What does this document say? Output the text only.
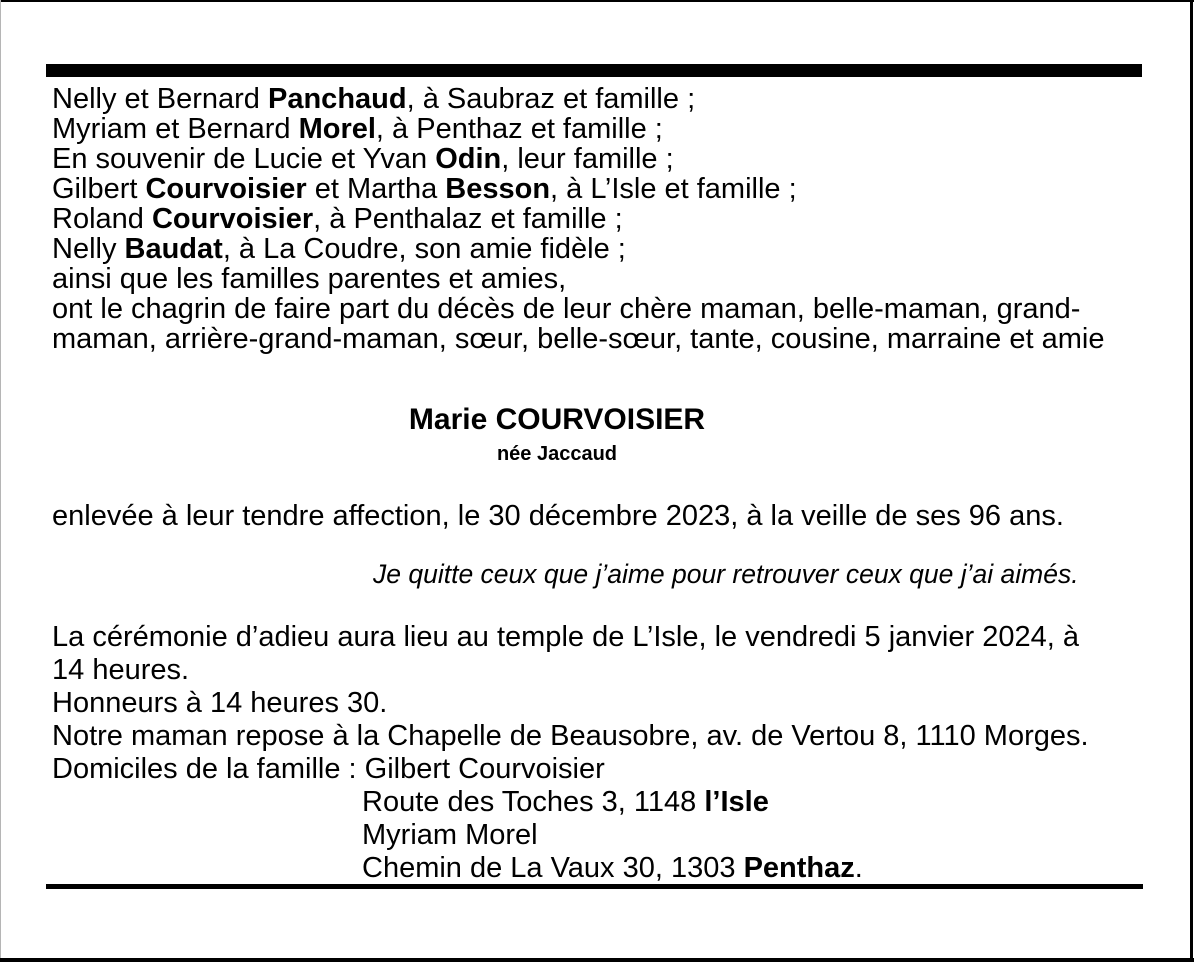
Nelly et Bernard Panchaud, à Saubraz et famille ;
Myriam et Bernard Morel, à Penthaz et famille ;
En souvenir de Lucie et Yvan Odin, leur famille ;
Gilbert Courvoisier et Martha Besson, à L’Isle et famille ;
Roland Courvoisier, à Penthalaz et famille ;
Nelly Baudat, à La Coudre, son amie fidèle ;
ainsi que les familles parentes et amies,
ont le chagrin de faire part du décès de leur chère maman, belle-maman, grand-
maman, arrière-grand-maman, sœur, belle-sœur, tante, cousine, marraine et amie
Marie COURVOISIER
née Jaccaud
enlevée à leur tendre affection, le 30 décembre 2023, à la veille de ses 96 ans.
Je quitte ceux que j’aime pour retrouver ceux que j’ai aimés.
La cérémonie d’adieu aura lieu au temple de L’Isle, le vendredi 5 janvier 2024, à
14 heures.
Honneurs à 14 heures 30.
Notre maman repose à la Chapelle de Beausobre, av. de Vertou 8, 1110 Morges.
Domiciles de la famille : Gilbert Courvoisier
Route des Toches 3, 1148 l’Isle
Myriam Morel
Chemin de La Vaux 30, 1303 Penthaz.
